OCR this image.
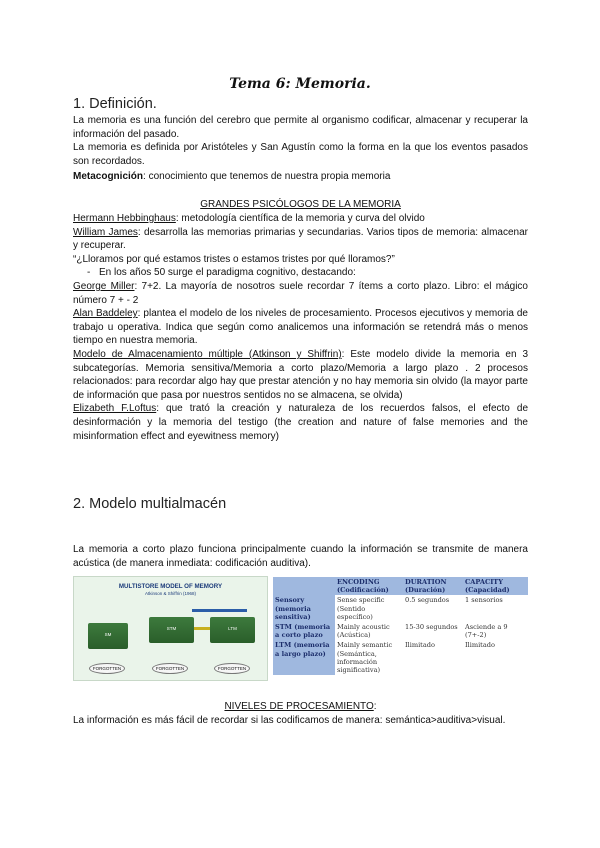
Tema 6: Memoria.
1. Definición.
La memoria es una función del cerebro que permite al organismo codificar, almacenar y recuperar la información del pasado.
La memoria es definida por Aristóteles y San Agustín como la forma en la que los eventos pasados son recordados.
Metacognición: conocimiento que tenemos de nuestra propia memoria
GRANDES PSICÓLOGOS DE LA MEMORIA
Hermann Hebbinghaus: metodología científica de la memoria y curva del olvido
William James: desarrolla las memorias primarias y secundarias. Varios tipos de memoria: almacenar y recuperar.
“¿Lloramos por qué estamos tristes o estamos tristes por qué lloramos?”
- En los años 50 surge el paradigma cognitivo, destacando:
George Miller: 7+2. La mayoría de nosotros suele recordar 7 ítems a corto plazo. Libro: el mágico número 7 + - 2
Alan Baddeley: plantea el modelo de los niveles de procesamiento. Procesos ejecutivos y memoria de trabajo u operativa. Indica que según como analicemos una información se retendrá más o menos tiempo en nuestra memoria.
Modelo de Almacenamiento múltiple (Atkinson y Shiffrin): Este modelo divide la memoria en 3 subcategorías. Memoria sensitiva/Memoria a corto plazo/Memoria a largo plazo . 2 procesos relacionados: para recordar algo hay que prestar atención y no hay memoria sin olvido (la mayor parte de información que pasa por nuestros sentidos no se almacena, se olvida)
Elizabeth F.Loftus: que trató la creación y naturaleza de los recuerdos falsos, el efecto de desinformación y la memoria del testigo (the creation and nature of false memories and the misinformation effect and eyewitness memory)
2. Modelo multialmacén
La memoria a corto plazo funciona principalmente cuando la información se transmite de manera acústica (de manera inmediata: codificación auditiva).
MULTISTORE MODEL OF MEMORY
Atkinson & Shiffrin (1968)
SM
STM	LTM
FORGOTTEN	FORGOTTEN	FORGOTTEN
	ENCODING (Codificación)	DURATION (Duración)	CAPACITY (Capacidad)
Sensory (memoria sensitiva)	Sense specific (Sentido específico)	0.5 segundos	1 sensorios
STM (memoria a corto plazo	Mainly acoustic (Acústica)	15-30 segundos	Asciende a 9 (7+-2)
LTM (memoria a largo plazo)	Mainly semantic (Semántica, información significativa)	Ilimitado	Ilimitado
NIVELES DE PROCESAMIENTO:
La información es más fácil de recordar si las codificamos de manera: semántica>auditiva>visual.
